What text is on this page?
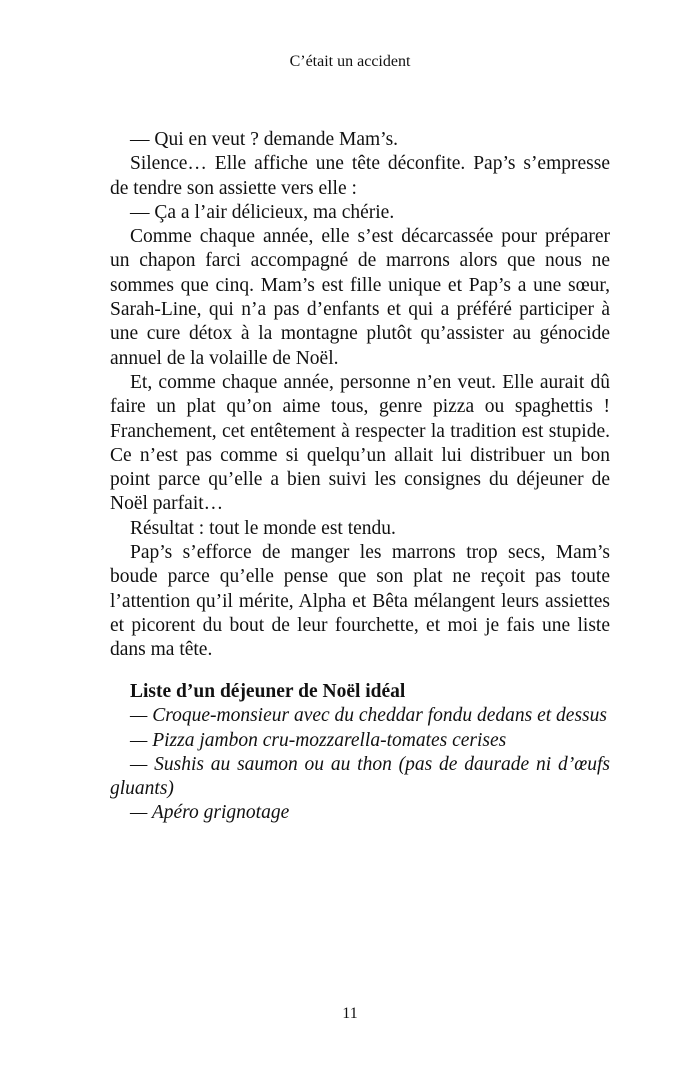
C’était un accident

— Qui en veut ? demande Mam’s.

Silence… Elle affiche une tête déconfite. Pap’s s’empresse de tendre son assiette vers elle :

— Ça a l’air délicieux, ma chérie.

Comme chaque année, elle s’est décarcassée pour préparer un chapon farci accompagné de marrons alors que nous ne sommes que cinq. Mam’s est fille unique et Pap’s a une sœur, Sarah-Line, qui n’a pas d’enfants et qui a préféré participer à une cure détox à la montagne plutôt qu’assister au génocide annuel de la volaille de Noël.

Et, comme chaque année, personne n’en veut. Elle aurait dû faire un plat qu’on aime tous, genre pizza ou spaghettis ! Franchement, cet entêtement à respecter la tradition est stupide. Ce n’est pas comme si quelqu’un allait lui distribuer un bon point parce qu’elle a bien suivi les consignes du déjeuner de Noël parfait…

Résultat : tout le monde est tendu.

Pap’s s’efforce de manger les marrons trop secs, Mam’s boude parce qu’elle pense que son plat ne reçoit pas toute l’attention qu’il mérite, Alpha et Bêta mélangent leurs assiettes et picorent du bout de leur fourchette, et moi je fais une liste dans ma tête.

Liste d’un déjeuner de Noël idéal

— Croque-monsieur avec du cheddar fondu dedans et dessus

— Pizza jambon cru-mozzarella-tomates cerises

— Sushis au saumon ou au thon (pas de daurade ni d’œufs gluants)

— Apéro grignotage

11
